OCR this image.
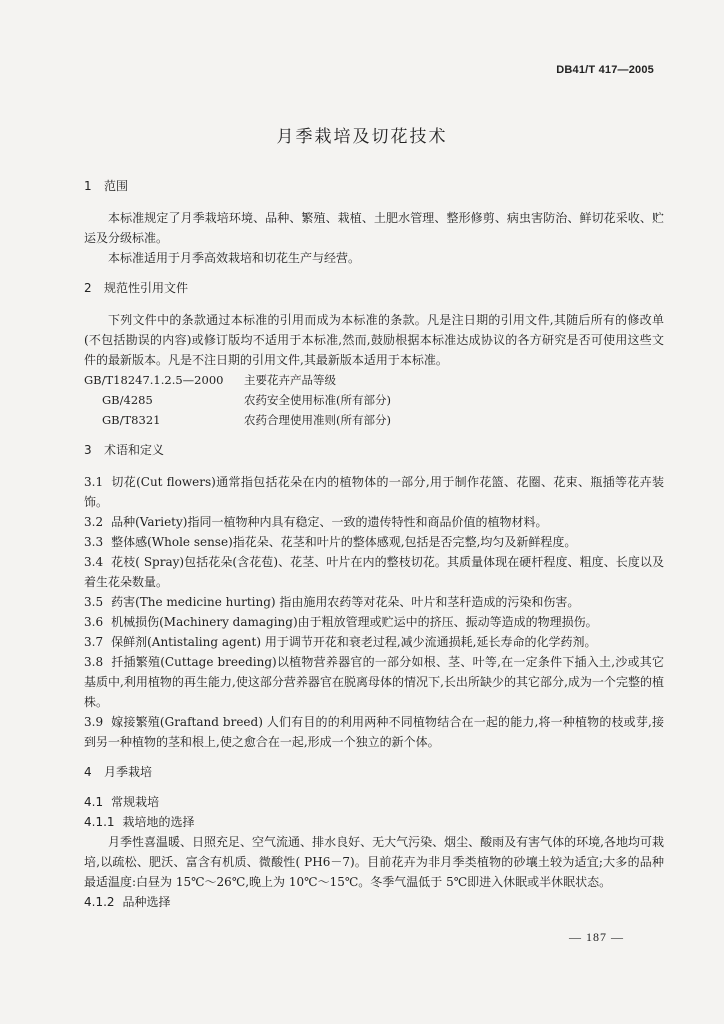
DB41/T 417—2005
月季栽培及切花技术
1 范围

本标准规定了月季栽培环境、品种、繁殖、栽植、土肥水管理、整形修剪、病虫害防治、鲜切花采收、贮运及分级标准。

本标准适用于月季高效栽培和切花生产与经营。

2 规范性引用文件

下列文件中的条款通过本标准的引用而成为本标准的条款。凡是注日期的引用文件,其随后所有的修改单(不包括勘误的内容)或修订版均不适用于本标准,然而,鼓励根据本标准达成协议的各方研究是否可使用这些文件的最新版本。凡是不注日期的引用文件,其最新版本适用于本标准。

GB/T18247.1.2.5—2000	主要花卉产品等级
GB/4285	农药安全使用标准(所有部分)
GB/T8321	农药合理使用准则(所有部分)
3 术语和定义

3.1 切花(Cut flowers)通常指包括花朵在内的植物体的一部分,用于制作花篮、花圈、花束、瓶插等花卉装饰。

3.2 品种(Variety)指同一植物种内具有稳定、一致的遗传特性和商品价值的植物材料。

3.3 整体感(Whole sense)指花朵、花茎和叶片的整体感观,包括是否完整,均匀及新鲜程度。

3.4 花枝( Spray)包括花朵(含花苞)、花茎、叶片在内的整枝切花。其质量体现在硬杆程度、粗度、长度以及着生花朵数量。

3.5 药害(The medicine hurting) 指由施用农药等对花朵、叶片和茎秆造成的污染和伤害。

3.6 机械损伤(Machinery damaging)由于粗放管理或贮运中的挤压、振动等造成的物理损伤。

3.7 保鲜剂(Antistaling agent) 用于调节开花和衰老过程,减少流通损耗,延长寿命的化学药剂。

3.8 扦插繁殖(Cuttage breeding)以植物营养器官的一部分如根、茎、叶等,在一定条件下插入土,沙或其它基质中,利用植物的再生能力,使这部分营养器官在脱离母体的情况下,长出所缺少的其它部分,成为一个完整的植株。

3.9 嫁接繁殖(Graftand breed) 人们有目的的利用两种不同植物结合在一起的能力,将一种植物的枝或芽,接到另一种植物的茎和根上,使之愈合在一起,形成一个独立的新个体。

4 月季栽培
4.1 常规栽培
4.1.1 栽培地的选择

月季性喜温暖、日照充足、空气流通、排水良好、无大气污染、烟尘、酸雨及有害气体的环境,各地均可栽培,以疏松、肥沃、富含有机质、微酸性( PH6－7)。目前花卉为非月季类植物的砂壤土较为适宜;大多的品种最适温度:白昼为 15℃～26℃,晚上为 10℃～15℃。冬季气温低于 5℃即进入休眠或半休眠状态。

4.1.2 品种选择
— 187 —
